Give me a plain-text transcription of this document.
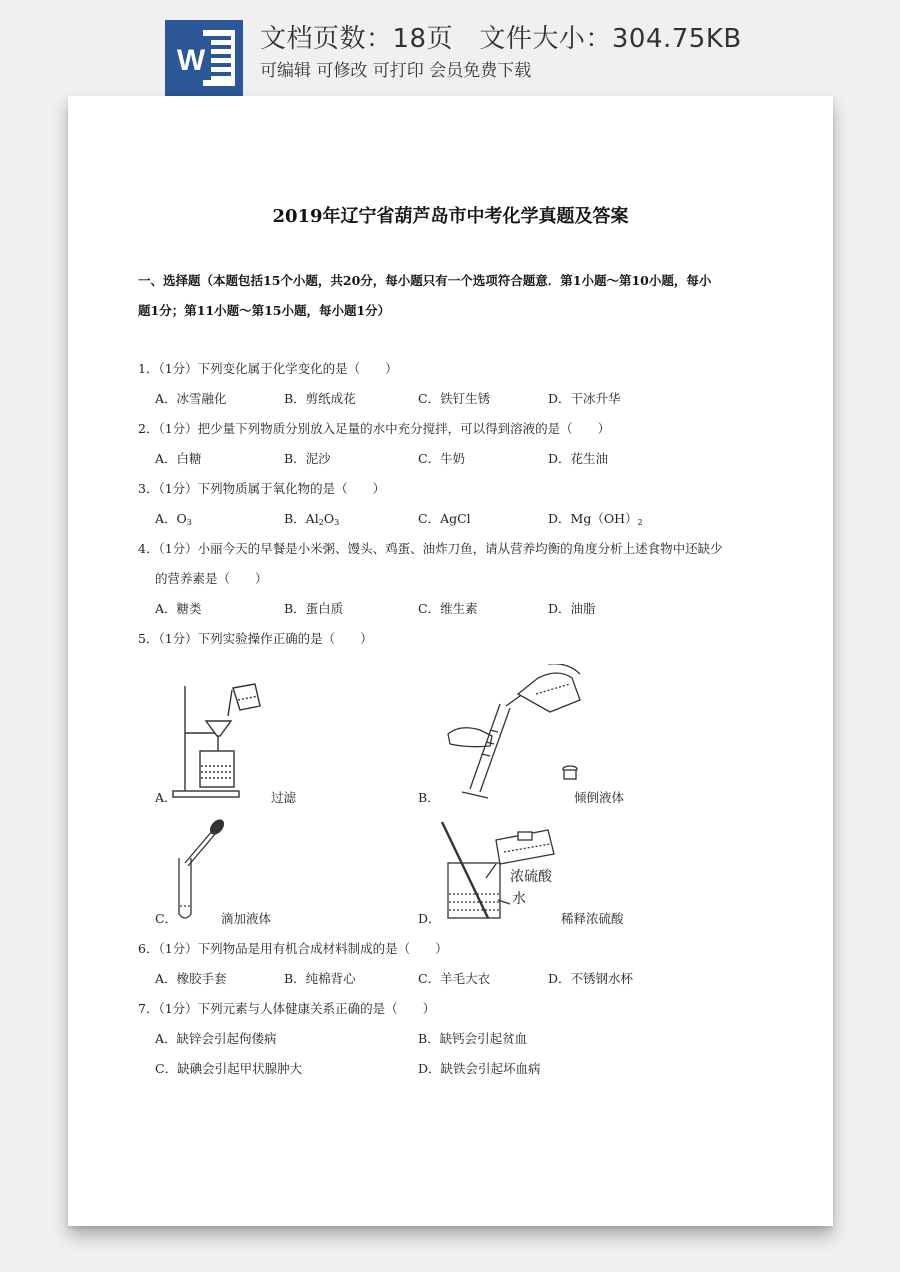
W
文档页数：18页   文件大小：304.75KB
可编辑 可修改 可打印 会员免费下载
2019年辽宁省葫芦岛市中考化学真题及答案
一、选择题（本题包括15个小题，共20分，每小题只有一个选项符合题意．第1小题～第10小题，每小
题1分；第11小题～第15小题，每小题1分）
1．（1分）下列变化属于化学变化的是（　　）
A．冰雪融化	B．剪纸成花	C．铁钉生锈	D．干冰升华
2．（1分）把少量下列物质分别放入足量的水中充分搅拌，可以得到溶液的是（　　）
A．白糖	B．泥沙	C．牛奶	D．花生油
3．（1分）下列物质属于氧化物的是（　　）
A．$O_3$	B．$Al_2O_3$	C．AgCl	D．$Mg(OH)_2$
4．（1分）小丽今天的早餐是小米粥、馒头、鸡蛋、油炸刀鱼，请从营养均衡的角度分析上述食物中还缺少
的营养素是（　　）
A．糖类	B．蛋白质	C．维生素	D．油脂
5．（1分）下列实验操作正确的是（　　）
A．	过滤	B．	倾倒液体
C．	滴加液体
浓硫酸
水
D．	稀释浓硫酸
6．（1分）下列物品是用有机合成材料制成的是（　　）
A．橡胶手套	B．纯棉背心	C．羊毛大衣	D．不锈钢水杯
7．（1分）下列元素与人体健康关系正确的是（　　）
A．缺锌会引起佝偻病	B．缺钙会引起贫血
C．缺碘会引起甲状腺肿大	D．缺铁会引起坏血病
